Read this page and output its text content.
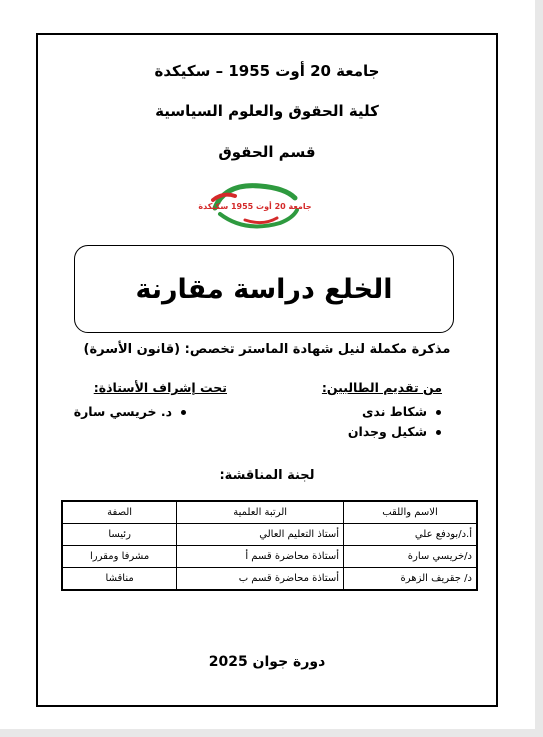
جامعة 20 أوت 1955 – سكيكدة
كلية الحقوق والعلوم السياسية
قسم الحقوق
جامعة 20 أوت 1955 سكيكدة
الخلع دراسة مقارنة
مذكرة مكملة لنيل شهادة الماستر تخصص: (قانون الأسرة)
من تقديم الطالبين:
تحت إشراف الأستاذة:
شكاط ندى
شكيل وجدان
د. خريسي سارة
لجنة المناقشة:
الاسم واللقب	الرتبة العلمية	الصفة
أ.د/بودفع علي	أستاذ التعليم العالي	رئيسا
د/خريسي سارة	أستاذة محاضرة قسم أ	مشرفا ومقررا
د/ جقريف الزهرة	أستاذة محاضرة قسم ب	مناقشا
دورة جوان 2025
